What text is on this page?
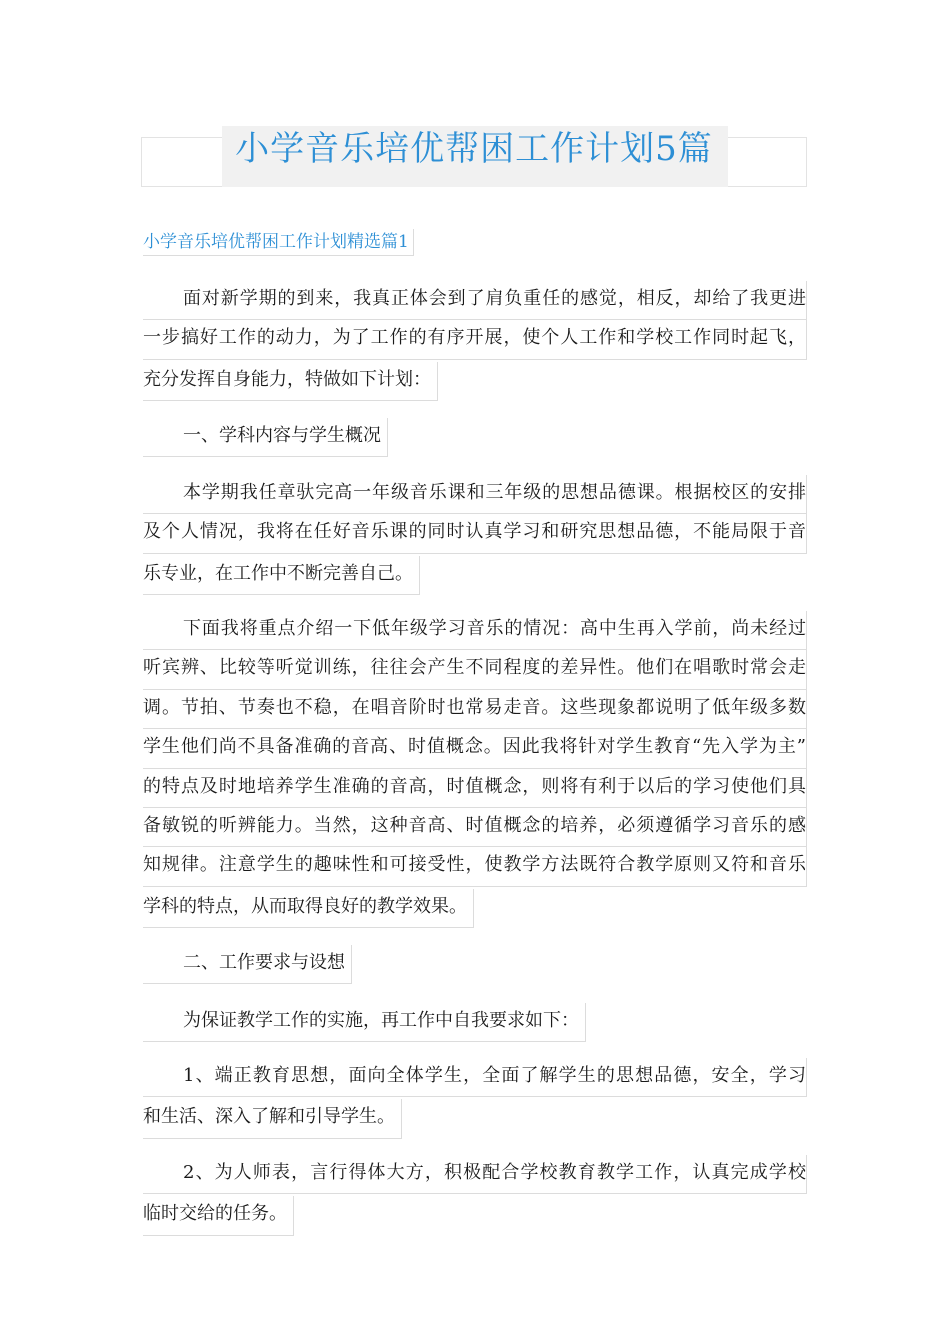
小学音乐培优帮困工作计划5篇
小学音乐培优帮困工作计划精选篇1
面对新学期的到来，我真正体会到了肩负重任的感觉，相反，却给了我更进
一步搞好工作的动力，为了工作的有序开展，使个人工作和学校工作同时起飞，
充分发挥自身能力，特做如下计划：
一、学科内容与学生概况
本学期我任章驮完高一年级音乐课和三年级的思想品德课。根据校区的安排
及个人情况，我将在任好音乐课的同时认真学习和研究思想品德，不能局限于音
乐专业，在工作中不断完善自己。
下面我将重点介绍一下低年级学习音乐的情况：高中生再入学前，尚未经过
听宾辨、比较等听觉训练，往往会产生不同程度的差异性。他们在唱歌时常会走
调。节拍、节奏也不稳，在唱音阶时也常易走音。这些现象都说明了低年级多数
学生他们尚不具备准确的音高、时值概念。因此我将针对学生教育“先入学为主”
的特点及时地培养学生准确的音高，时值概念，则将有利于以后的学习使他们具
备敏锐的听辨能力。当然，这种音高、时值概念的培养，必须遵循学习音乐的感
知规律。注意学生的趣味性和可接受性，使教学方法既符合教学原则又符和音乐
学科的特点，从而取得良好的教学效果。
二、工作要求与设想
为保证教学工作的实施，再工作中自我要求如下：
1、端正教育思想，面向全体学生，全面了解学生的思想品德，安全，学习
和生活、深入了解和引导学生。
2、为人师表，言行得体大方，积极配合学校教育教学工作，认真完成学校
临时交给的任务。
